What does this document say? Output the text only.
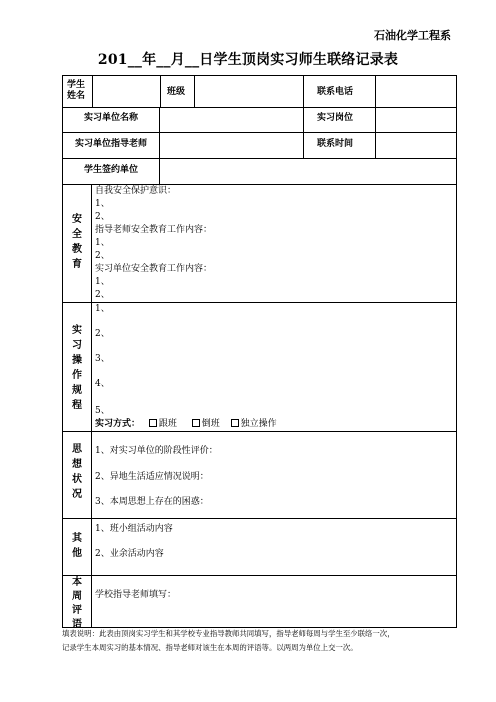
石油化学工程系
201__年__月__日学生顶岗实习师生联络记录表
学生
姓名	班级	联系电话
实习单位名称	实习岗位
实习单位指导老师	联系时间
学生签约单位
安
全
教
育
自我安全保护意识：
1、
2、
指导老师安全教育工作内容：
1、
2、
实习单位安全教育工作内容：
1、
2、
实
习
操
作
规
程
1、
2、
3、
4、
5、
实习方式： 跟班	倒班 独立操作
思
想
状
况
1、对实习单位的阶段性评价：
2、异地生活适应情况说明：
3、本周思想上存在的困惑：
其
他
1、班小组活动内容
2、业余活动内容
本
周
评
语
学校指导老师填写：
填表说明：此表由顶岗实习学生和其学校专业指导教师共同填写，指导老师每周与学生至少联络一次，
记录学生本周实习的基本情况、指导老师对该生在本周的评语等。以两周为单位上交一次。
